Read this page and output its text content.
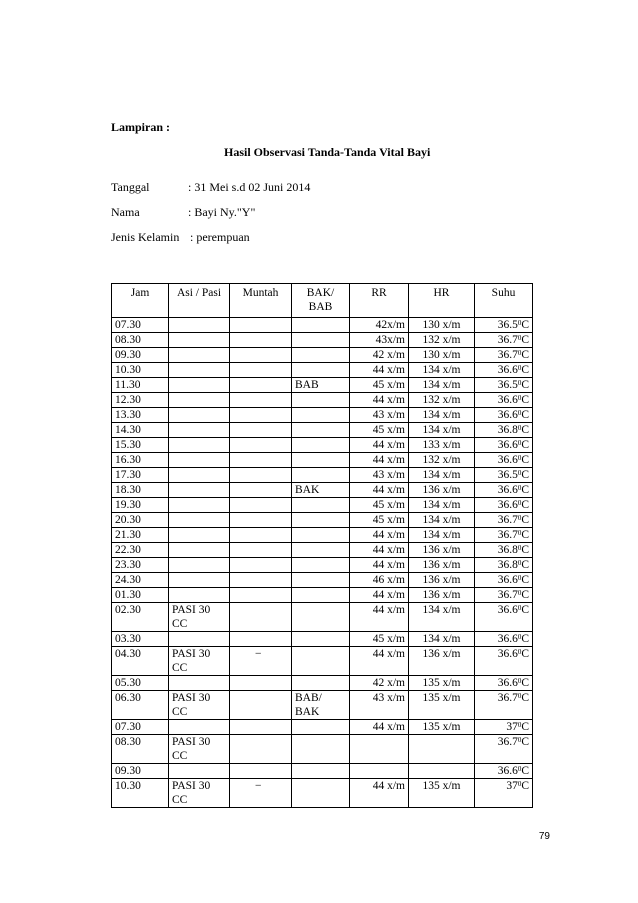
Lampiran :
Hasil Observasi Tanda-Tanda Vital Bayi
Tanggal	: 31 Mei s.d 02 Juni 2014
Nama	: Bayi Ny."Y"
Jenis Kelamin : perempuan
Jam	Asi / Pasi	Muntah	BAK/ BAB	RR	HR	Suhu
07.30				42x/m	130 x/m	36.5$^0$C
08.30				43x/m	132 x/m	36.7$^0$C
09.30				42 x/m	130 x/m	36.7$^0$C
10.30				44 x/m	134 x/m	36.6$^0$C
11.30			BAB	45 x/m	134 x/m	36.5$^0$C
12.30				44 x/m	132 x/m	36.6$^0$C
13.30				43 x/m	134 x/m	36.6$^0$C
14.30				45 x/m	134 x/m	36.8$^0$C
15.30				44 x/m	133 x/m	36.6$^0$C
16.30				44 x/m	132 x/m	36.6$^0$C
17.30				43 x/m	134 x/m	36.5$^0$C
18.30			BAK	44 x/m	136 x/m	36.6$^0$C
19.30				45 x/m	134 x/m	36.6$^0$C
20.30				45 x/m	134 x/m	36.7$^0$C
21.30				44 x/m	134 x/m	36.7$^0$C
22.30				44 x/m	136 x/m	36.8$^0$C
23.30				44 x/m	136 x/m	36.8$^0$C
24.30				46 x/m	136 x/m	36.6$^0$C
01.30				44 x/m	136 x/m	36.7$^0$C
02.30	PASI 30 CC			44 x/m	134 x/m	36.6$^0$C
03.30				45 x/m	134 x/m	36.6$^0$C
04.30	PASI 30 CC	−		44 x/m	136 x/m	36.6$^0$C
05.30				42 x/m	135 x/m	36.6$^0$C
06.30	PASI 30 CC		BAB/ BAK	43 x/m	135 x/m	36.7$^0$C
07.30				44 x/m	135 x/m	$37^0C$
08.30	PASI 30 CC					36.7$^0$C
09.30						36.6$^0$C
10.30	PASI 30 CC	−		44 x/m	135 x/m	$37^0C$
79
